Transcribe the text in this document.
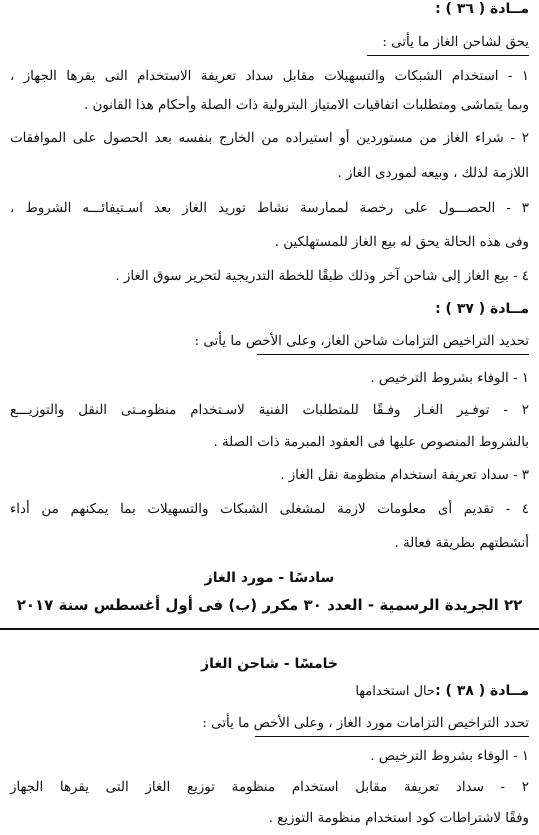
مــادة ( ٣٦ ) :
يحق لشاحن الغاز ما يأتى :
١ - استخدام الشبكات والتسهيلات مقابل سداد تعريفة الاستخدام التى يقرها الجهاز ،
وبما يتماشى ومتطلبات اتفاقيات الامتياز البترولية ذات الصلة وأحكام هذا القانون .
٢ - شراء الغاز من مستوردين أو استيراده من الخارج بنفسه بعد الحصول على الموافقات
اللازمة لذلك ، وبيعه لموردى الغاز .
٣ - الحصـــول على رخصة لممارسة نشاط توريد الغاز بعد اسـتيفائـــه الشروط ،
وفى هذه الحالة يحق له بيع الغاز للمستهلكين .
٤ - بيع الغاز إلى شاحن آخر وذلك طبقًا للخطة التدريجية لتحرير سوق الغاز .
مــادة ( ٣٧ ) :
تحديد التراخيص التزامات شاحن الغاز، وعلى الأخص ما يأتى :
١ - الوفاء بشروط الترخيص .
٢ - توفـير الغـاز وفـقًا للمتطلبات الفنية لاسـتخدام منظومـتى النقل والتوزيـــع
بالشروط المنصوص عليها فى العقود المبرمة ذات الصلة .
٣ - سداد تعريفة استخدام منظومة نقل الغاز .
٤ - تقديم أى معلومات لازمة لمشغلى الشبكات والتسهيلات بما يمكنهم من أداء
أنشطتهم بطريقة فعالة .
سادسًا - مورد الغاز
٢٢ الجريدة الرسمية - العدد ٣٠ مكرر (ب) فى أول أغسطس سنة ٢٠١٧
خامسًا - شاحن الغاز
مــادة ( ٣٨ ) :حال استخدامها
تحدد التراخيص التزامات مورد الغاز ، وعلى الأخص ما يأتى :
١ - الوفاء بشروط الترخيص .
٢ - سداد تعريفة مقابل استخدام منظومة توزيع الغاز التى يقرها الجهاز
وفقًا لاشتراطات كود استخدام منظومة التوزيع .
